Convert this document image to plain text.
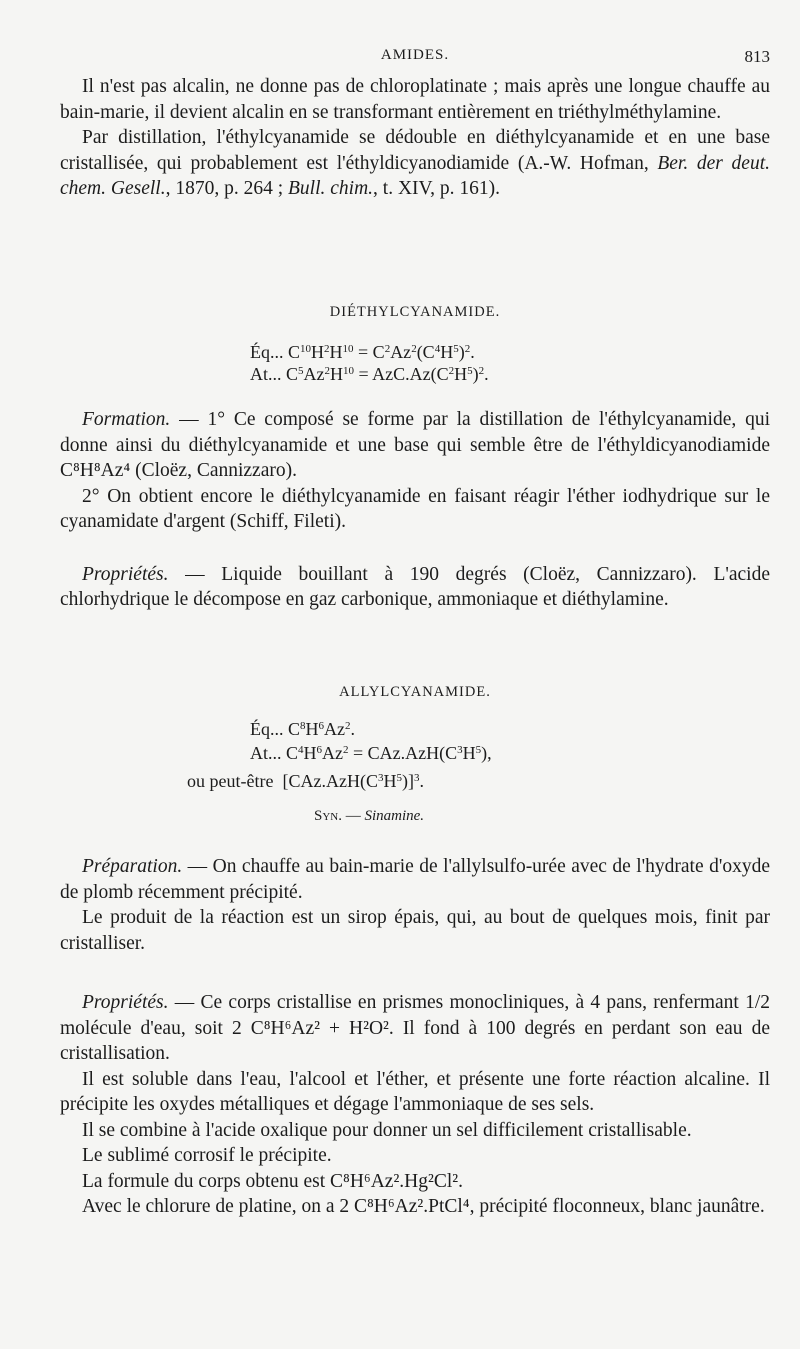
AMIDES.	813

Il n'est pas alcalin, ne donne pas de chloroplatinate ; mais après une longue chauffe au bain-marie, il devient alcalin en se transformant entièrement en triéthylméthylamine.

Par distillation, l'éthylcyanamide se dédouble en diéthylcyanamide et en une base cristallisée, qui probablement est l'éthyldicyanodiamide (A.-W. Hofman, Ber. der deut. chem. Gesell., 1870, p. 264 ; Bull. chim., t. XIV, p. 161).

DIÉTHYLCYANAMIDE.
Éq... $C^{10}H^2H^{10} = C^2Az^2(C^4H^5)^2$.
At... $C^5Az^2H^{10} = AzC.Az(C^2H^5)^2$.

Formation. — 1° Ce composé se forme par la distillation de l'éthylcyanamide, qui donne ainsi du diéthylcyanamide et une base qui semble être de l'éthyldicyanodiamide C⁸H⁸Az⁴ (Cloëz, Cannizzaro).

2° On obtient encore le diéthylcyanamide en faisant réagir l'éther iodhydrique sur le cyanamidate d'argent (Schiff, Fileti).

Propriétés. — Liquide bouillant à 190 degrés (Cloëz, Cannizzaro). L'acide chlorhydrique le décompose en gaz carbonique, ammoniaque et diéthylamine.

ALLYLCYANAMIDE.
Éq... $C^8H^6Az^2$.
At... $C^4H^6Az^2 = CAz.AzH(C^3H^5)$,
ou peut-être  $[CAz.AzH(C^3H^5)]^3$.
Syn. — Sinamine.

Préparation. — On chauffe au bain-marie de l'allylsulfo-urée avec de l'hydrate d'oxyde de plomb récemment précipité.

Le produit de la réaction est un sirop épais, qui, au bout de quelques mois, finit par cristalliser.

Propriétés. — Ce corps cristallise en prismes monocliniques, à 4 pans, renfermant 1/2 molécule d'eau, soit 2 C⁸H⁶Az² + H²O². Il fond à 100 degrés en perdant son eau de cristallisation.

Il est soluble dans l'eau, l'alcool et l'éther, et présente une forte réaction alcaline. Il précipite les oxydes métalliques et dégage l'ammoniaque de ses sels.

Il se combine à l'acide oxalique pour donner un sel difficilement cristallisable.

Le sublimé corrosif le précipite.

La formule du corps obtenu est C⁸H⁶Az².Hg²Cl².

Avec le chlorure de platine, on a 2 C⁸H⁶Az².PtCl⁴, précipité floconneux, blanc jaunâtre.
